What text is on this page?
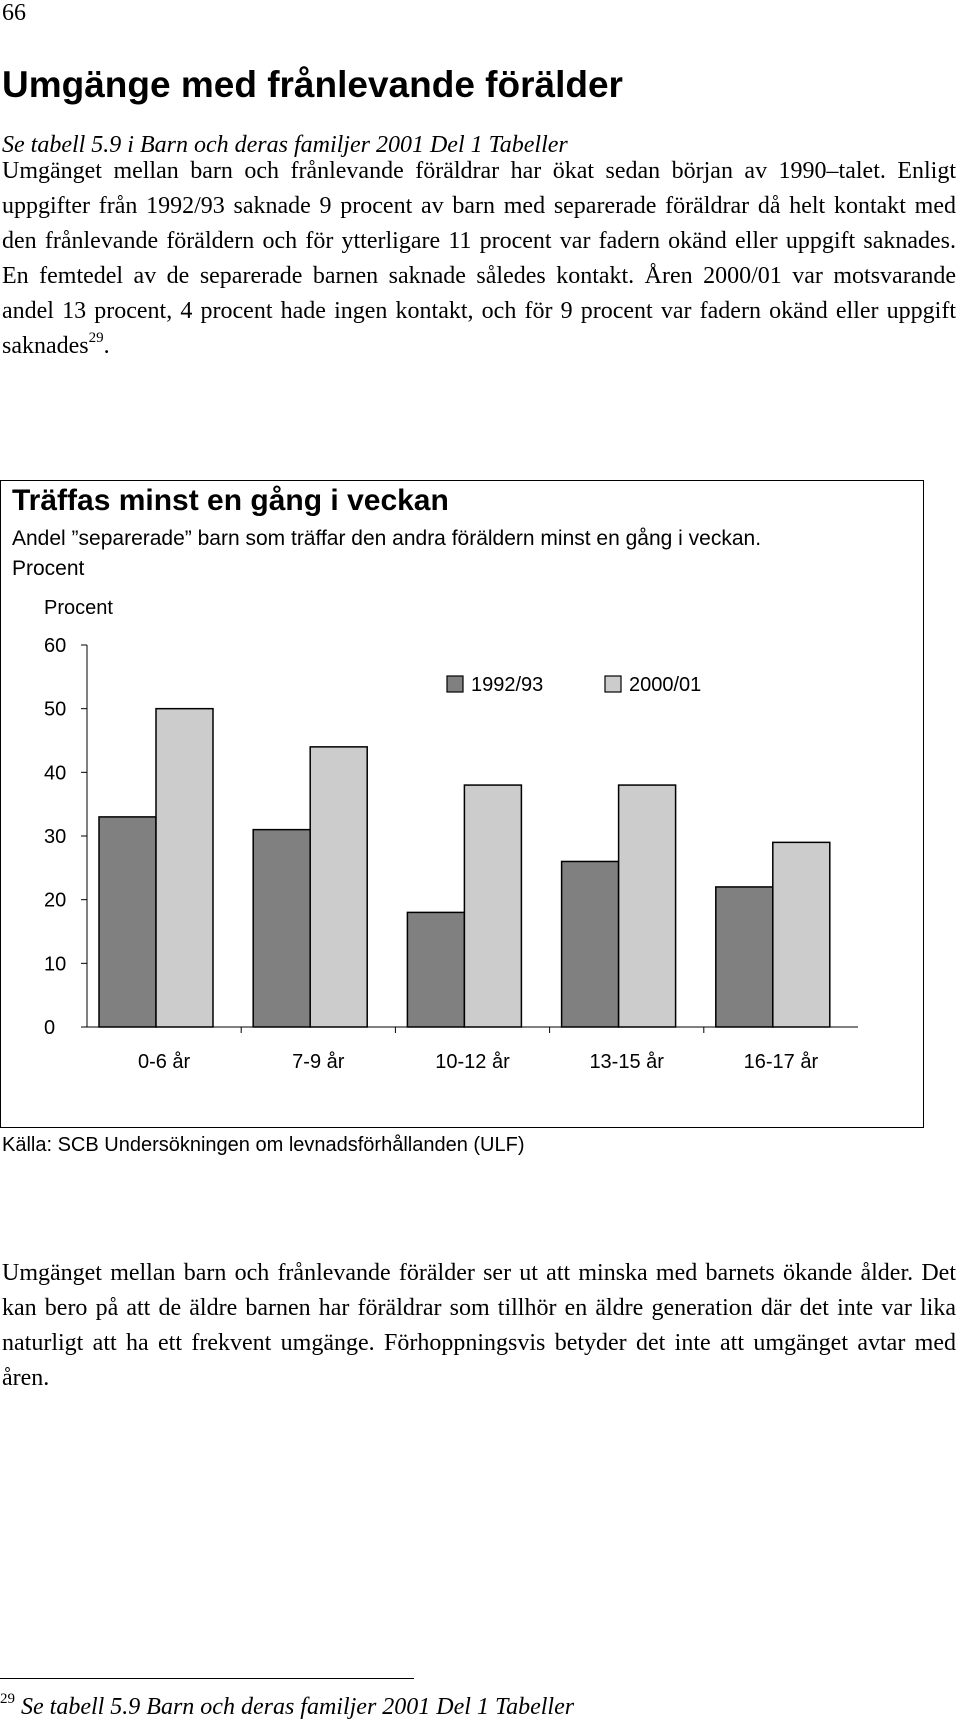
66
Umgänge med frånlevande förälder
Se tabell 5.9 i Barn och deras familjer 2001 Del 1 Tabeller
Umgänget mellan barn och frånlevande föräldrar har ökat sedan början av 1990–talet. Enligt uppgifter från 1992/93 saknade 9 procent av barn med separerade föräldrar då helt kontakt med den frånlevande föräldern och för ytterligare 11 procent var fadern okänd eller uppgift saknades. En femtedel av de separerade barnen saknade således kontakt. Åren 2000/01 var motsvarande andel 13 procent, 4 procent hade ingen kontakt, och för 9 procent var fadern okänd eller uppgift saknades$^{29}$.
Träffas minst en gång i veckan
Andel ”separerade” barn som träffar den andra föräldern minst en gång i veckan. Procent
Procent
0
10
20
30
40
50
60
0-6 år	7-9 år	10-12 år	13-15 år	16-17 år
1992/93	2000/01
Källa: SCB Undersökningen om levnadsförhållanden (ULF)
Umgänget mellan barn och frånlevande förälder ser ut att minska med barnets ökande ålder. Det kan bero på att de äldre barnen har föräldrar som tillhör en äldre generation där det inte var lika naturligt att ha ett frekvent umgänge. Förhoppningsvis betyder det inte att umgänget avtar med åren.
$^{29}$ Se tabell 5.9 Barn och deras familjer 2001 Del 1 Tabeller
